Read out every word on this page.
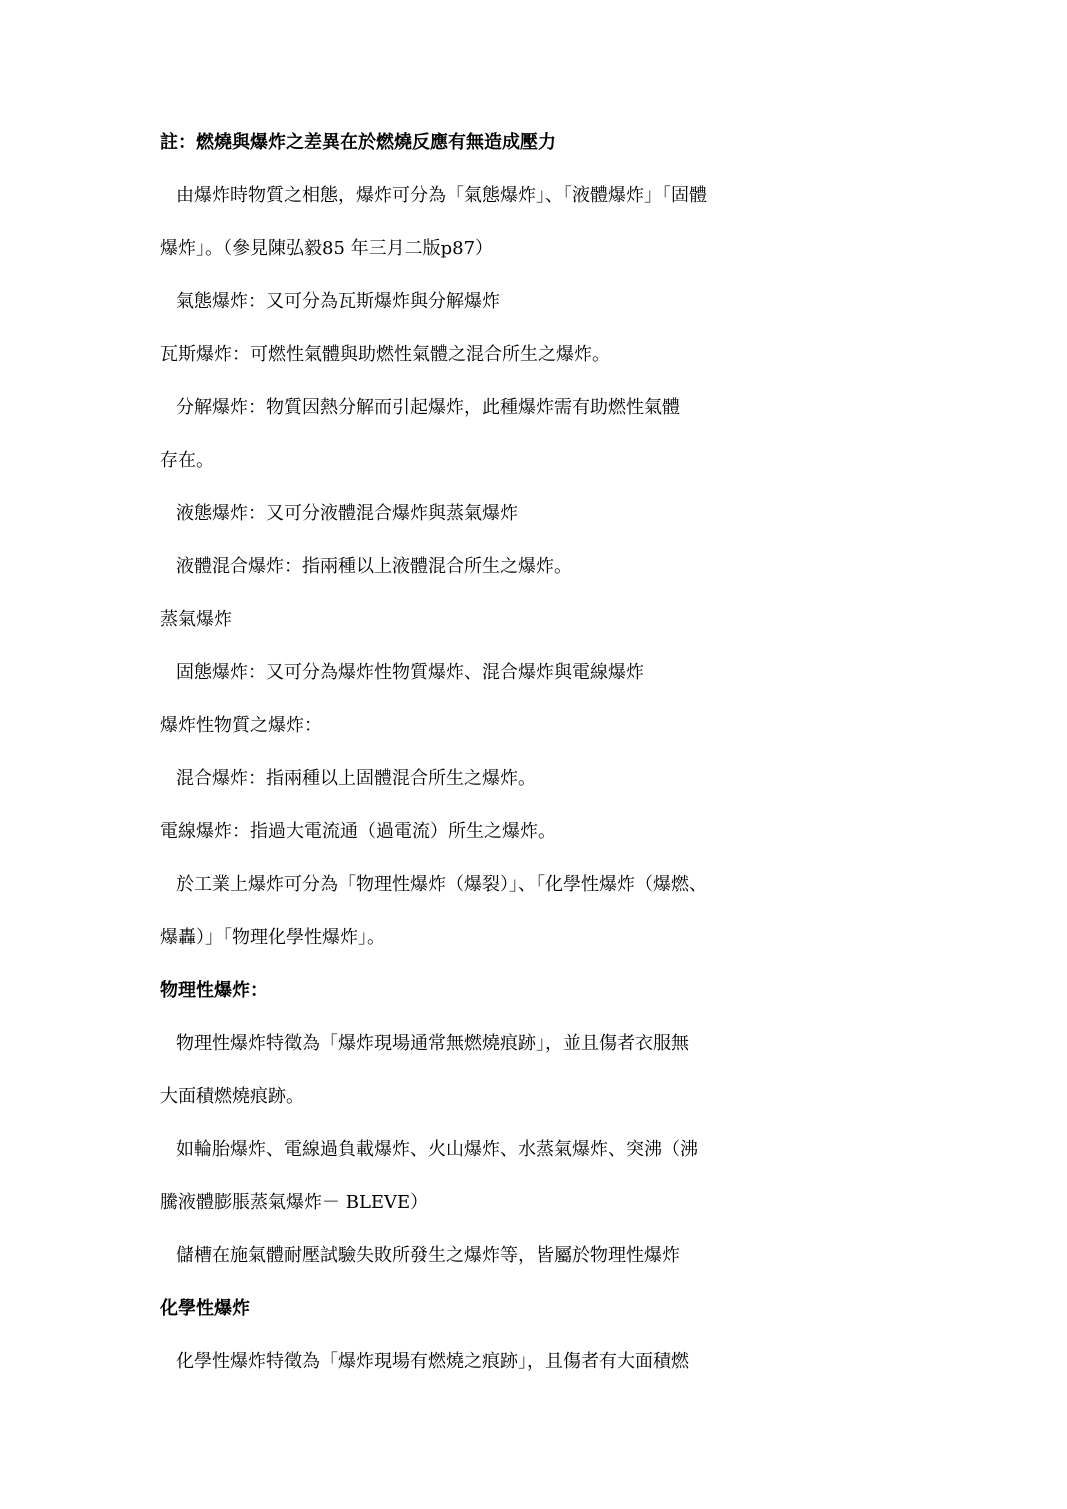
註：燃燒與爆炸之差異在於燃燒反應有無造成壓力
由爆炸時物質之相態，爆炸可分為「氣態爆炸」、「液體爆炸」「固體
爆炸」。（參見陳弘毅85 年三月二版p87）
氣態爆炸：又可分為瓦斯爆炸與分解爆炸
瓦斯爆炸：可燃性氣體與助燃性氣體之混合所生之爆炸。
分解爆炸：物質因熱分解而引起爆炸，此種爆炸需有助燃性氣體
存在。
液態爆炸：又可分液體混合爆炸與蒸氣爆炸
液體混合爆炸：指兩種以上液體混合所生之爆炸。
蒸氣爆炸
固態爆炸：又可分為爆炸性物質爆炸、混合爆炸與電線爆炸
爆炸性物質之爆炸：
混合爆炸：指兩種以上固體混合所生之爆炸。
電線爆炸：指過大電流通（過電流）所生之爆炸。
於工業上爆炸可分為「物理性爆炸（爆裂）」、「化學性爆炸（爆燃、
爆轟）」「物理化學性爆炸」。
物理性爆炸：
物理性爆炸特徵為「爆炸現場通常無燃燒痕跡」，並且傷者衣服無
大面積燃燒痕跡。
如輪胎爆炸、電線過負載爆炸、火山爆炸、水蒸氣爆炸、突沸（沸
騰液體膨脹蒸氣爆炸－ BLEVE）
儲槽在施氣體耐壓試驗失敗所發生之爆炸等，皆屬於物理性爆炸
化學性爆炸
化學性爆炸特徵為「爆炸現場有燃燒之痕跡」，且傷者有大面積燃
